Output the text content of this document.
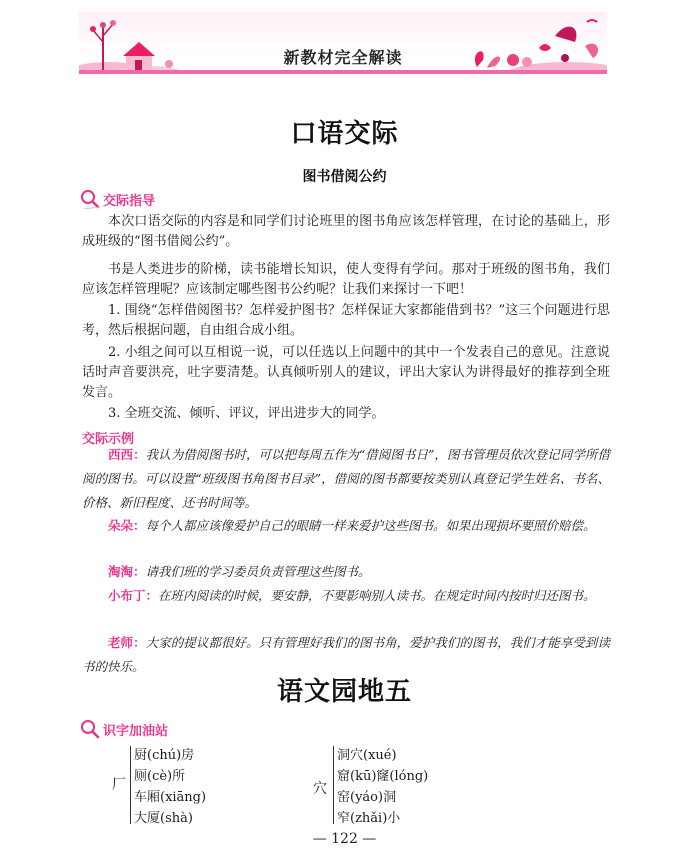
新教材完全解读
口语交际
图书借阅公约
交际指导
本次口语交际的内容是和同学们讨论班里的图书角应该怎样管理，在讨论的基础上，形成班级的“图书借阅公约”。
书是人类进步的阶梯，读书能增长知识，使人变得有学问。那对于班级的图书角，我们应该怎样管理呢？应该制定哪些图书公约呢？让我们来探讨一下吧！
1. 围绕“怎样借阅图书？怎样爱护图书？怎样保证大家都能借到书？”这三个问题进行思考，然后根据问题，自由组合成小组。
2. 小组之间可以互相说一说，可以任选以上问题中的其中一个发表自己的意见。注意说话时声音要洪亮，吐字要清楚。认真倾听别人的建议，评出大家认为讲得最好的推荐到全班发言。
3. 全班交流、倾听、评议，评出进步大的同学。
交际示例
西西：我认为借阅图书时，可以把每周五作为“借阅图书日”，图书管理员依次登记同学所借阅的图书。可以设置“班级图书角图书目录”，借阅的图书都要按类别认真登记学生姓名、书名、价格、新旧程度、还书时间等。
朵朵：每个人都应该像爱护自己的眼睛一样来爱护这些图书。如果出现损坏要照价赔偿。
淘淘：请我们班的学习委员负责管理这些图书。
小布丁：在班内阅读的时候，要安静，不要影响别人读书。在规定时间内按时归还图书。
老师：大家的提议都很好。只有管理好我们的图书角，爱护我们的图书，我们才能享受到读书的快乐。
语文园地五
识字加油站
厂
厨(chú)房
厕(cè)所
车厢(xiāng)
大厦(shà)
穴
洞穴(xué)
窟(kū)窿(lóng)
窑(yáo)洞
窄(zhǎi)小
— 122 —
